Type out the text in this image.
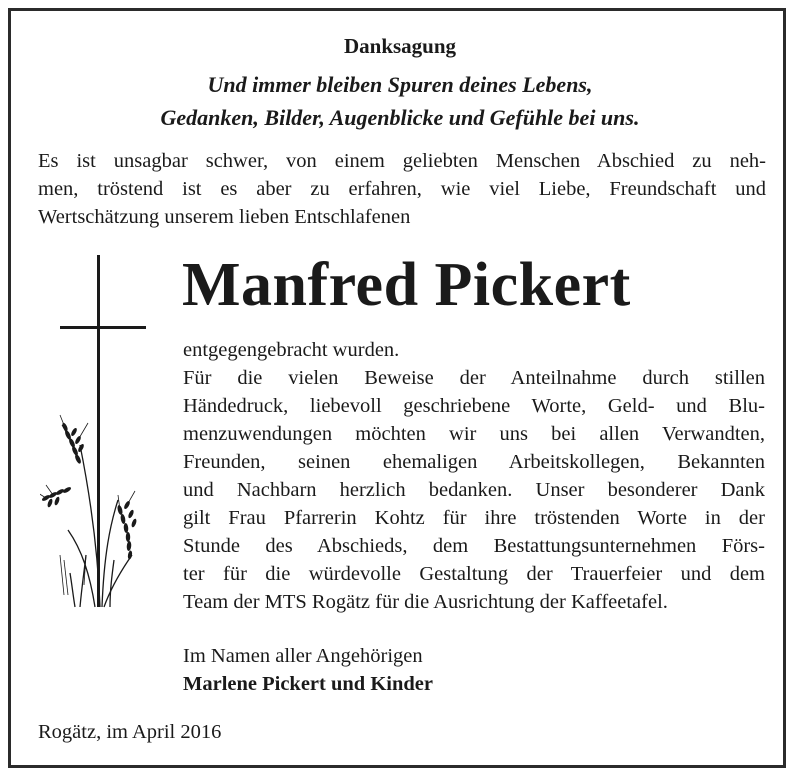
Danksagung
Und immer bleiben Spuren deines Lebens,
Gedanken, Bilder, Augenblicke und Gefühle bei uns.
Es ist unsagbar schwer, von einem geliebten Menschen Abschied zu neh-
men, tröstend ist es aber zu erfahren, wie viel Liebe, Freundschaft und
Wertschätzung unserem lieben Entschlafenen
Manfred Pickert
entgegengebracht wurden.
Für die vielen Beweise der Anteilnahme durch stillen
Händedruck, liebevoll geschriebene Worte, Geld- und Blu-
menzuwendungen möchten wir uns bei allen Verwandten,
Freunden, seinen ehemaligen Arbeitskollegen, Bekannten
und Nachbarn herzlich bedanken. Unser besonderer Dank
gilt Frau Pfarrerin Kohtz für ihre tröstenden Worte in der
Stunde des Abschieds, dem Bestattungsunternehmen Förs-
ter für die würdevolle Gestaltung der Trauerfeier und dem
Team der MTS Rogätz für die Ausrichtung der Kaffeetafel.
Im Namen aller Angehörigen
Marlene Pickert und Kinder
Rogätz, im April 2016
